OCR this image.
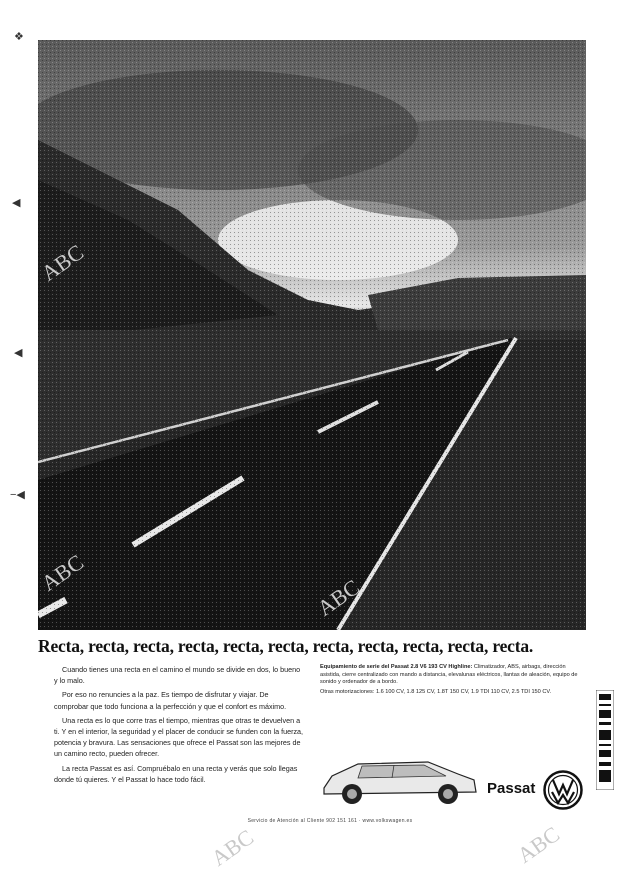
Recta, recta, recta, recta, recta, recta, recta, recta, recta, recta, recta.

Cuando tienes una recta en el camino el mundo se divide en dos, lo bueno y lo malo.

Por eso no renuncies a la paz. Es tiempo de disfrutar y viajar. De comprobar que todo funciona a la perfección y que el confort es máximo.

Una recta es lo que corre tras el tiempo, mientras que otras te devuelven a ti. Y en el interior, la seguridad y el placer de conducir se funden con la fuerza, potencia y bravura. Las sensaciones que ofrece el Passat son las mejores de un camino recto, pueden ofrecer.

La recta Passat es así. Compruébalo en una recta y verás que solo llegas donde tú quieres. Y el Passat lo hace todo fácil.

Equipamiento de serie del Passat 2.8 V6 193 CV Highline: Climatizador, ABS, airbags, dirección asistida, cierre centralizado con mando a distancia, elevalunas eléctricos, llantas de aleación, equipo de sonido y ordenador de a bordo.

Otras motorizaciones: 1.6 100 CV, 1.8 125 CV, 1.8T 150 CV, 1.9 TDI 110 CV, 2.5 TDI 150 CV.

Passat
Servicio de Atención al Cliente 902 151 161 · www.volkswagen.es
❖
◀
◀
−◀
ABC
ABC
ABC	ABC
ABC
